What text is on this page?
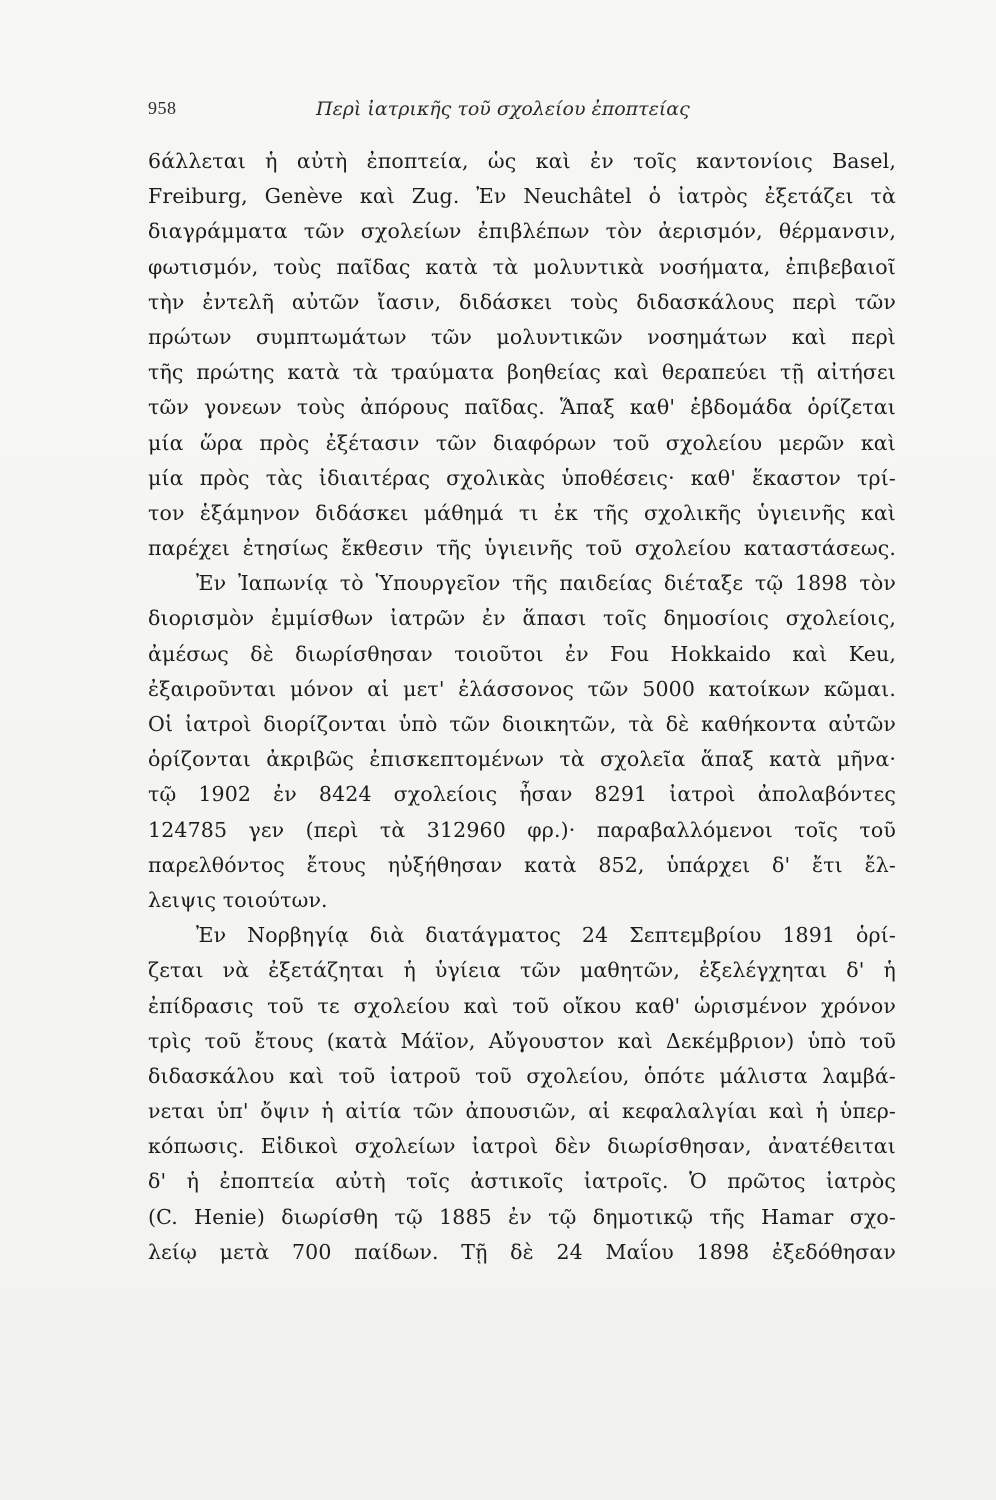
958	Περὶ ἰατρικῆς τοῦ σχολείου ἐποπτείας
6άλλεται ἡ αὐτὴ ἐποπτεία, ὡς καὶ ἐν τοῖς καντονίοις Basel,
Freiburg, Genève καὶ Zug. Ἐν Neuchâtel ὁ ἰατρὸς ἐξετάζει τὰ
διαγράμματα τῶν σχολείων ἐπιβλέπων τὸν ἀερισμόν, θέρμανσιν,
φωτισμόν, τοὺς παῖδας κατὰ τὰ μολυντικὰ νοσήματα, ἐπιβεβαιοῖ
τὴν ἐντελῆ αὐτῶν ἴασιν, διδάσκει τοὺς διδασκάλους περὶ τῶν
πρώτων συμπτωμάτων τῶν μολυντικῶν νοσημάτων καὶ περὶ
τῆς πρώτης κατὰ τὰ τραύματα βοηθείας καὶ θεραπεύει τῇ αἰτήσει
τῶν γονεων τοὺς ἀπόρους παῖδας. Ἅπαξ καθ' ἑβδομάδα ὁρίζεται
μία ὥρα πρὸς ἐξέτασιν τῶν διαφόρων τοῦ σχολείου μερῶν καὶ
μία πρὸς τὰς ἰδιαιτέρας σχολικὰς ὑποθέσεις· καθ' ἕκαστον τρί-
τον ἑξάμηνον διδάσκει μάθημά τι ἐκ τῆς σχολικῆς ὑγιεινῆς καὶ
παρέχει ἐτησίως ἔκθεσιν τῆς ὑγιεινῆς τοῦ σχολείου καταστάσεως.
Ἐν Ἰαπωνίᾳ τὸ Ὑπουργεῖον τῆς παιδείας διέταξε τῷ 1898 τὸν
διορισμὸν ἐμμίσθων ἰατρῶν ἐν ἅπασι τοῖς δημοσίοις σχολείοις,
ἀμέσως δὲ διωρίσθησαν τοιοῦτοι ἐν Fou Hokkaido καὶ Keu,
ἐξαιροῦνται μόνον αἱ μετ' ἐλάσσονος τῶν 5000 κατοίκων κῶμαι.
Οἱ ἰατροὶ διορίζονται ὑπὸ τῶν διοικητῶν, τὰ δὲ καθήκοντα αὐτῶν
ὁρίζονται ἀκριβῶς ἐπισκεπτομένων τὰ σχολεῖα ἅπαξ κατὰ μῆνα·
τῷ 1902 ἐν 8424 σχολείοις ἦσαν 8291 ἰατροὶ ἀπολαβόντες
124785 γεν (περὶ τὰ 312960 φρ.)· παραβαλλόμενοι τοῖς τοῦ
παρελθόντος ἔτους ηὐξήθησαν κατὰ 852, ὑπάρχει δ' ἔτι ἔλ-
λειψις τοιούτων.
Ἐν Νορβηγίᾳ διὰ διατάγματος 24 Σεπτεμβρίου 1891 ὁρί-
ζεται νὰ ἐξετάζηται ἡ ὑγίεια τῶν μαθητῶν, ἐξελέγχηται δ' ἡ
ἐπίδρασις τοῦ τε σχολείου καὶ τοῦ οἴκου καθ' ὡρισμένον χρόνον
τρὶς τοῦ ἔτους (κατὰ Μάϊον, Αὔγουστον καὶ Δεκέμβριον) ὑπὸ τοῦ
διδασκάλου καὶ τοῦ ἰατροῦ τοῦ σχολείου, ὁπότε μάλιστα λαμβά-
νεται ὑπ' ὄψιν ἡ αἰτία τῶν ἀπουσιῶν, αἱ κεφαλαλγίαι καὶ ἡ ὑπερ-
κόπωσις. Εἰδικοὶ σχολείων ἰατροὶ δὲν διωρίσθησαν, ἀνατέθειται
δ' ἡ ἐποπτεία αὐτὴ τοῖς ἀστικοῖς ἰατροῖς. Ὁ πρῶτος ἰατρὸς
(C. Henie) διωρίσθη τῷ 1885 ἐν τῷ δημοτικῷ τῆς Hamar σχο-
λείῳ μετὰ 700 παίδων. Τῇ δὲ 24 Μαΐου 1898 ἐξεδόθησαν
